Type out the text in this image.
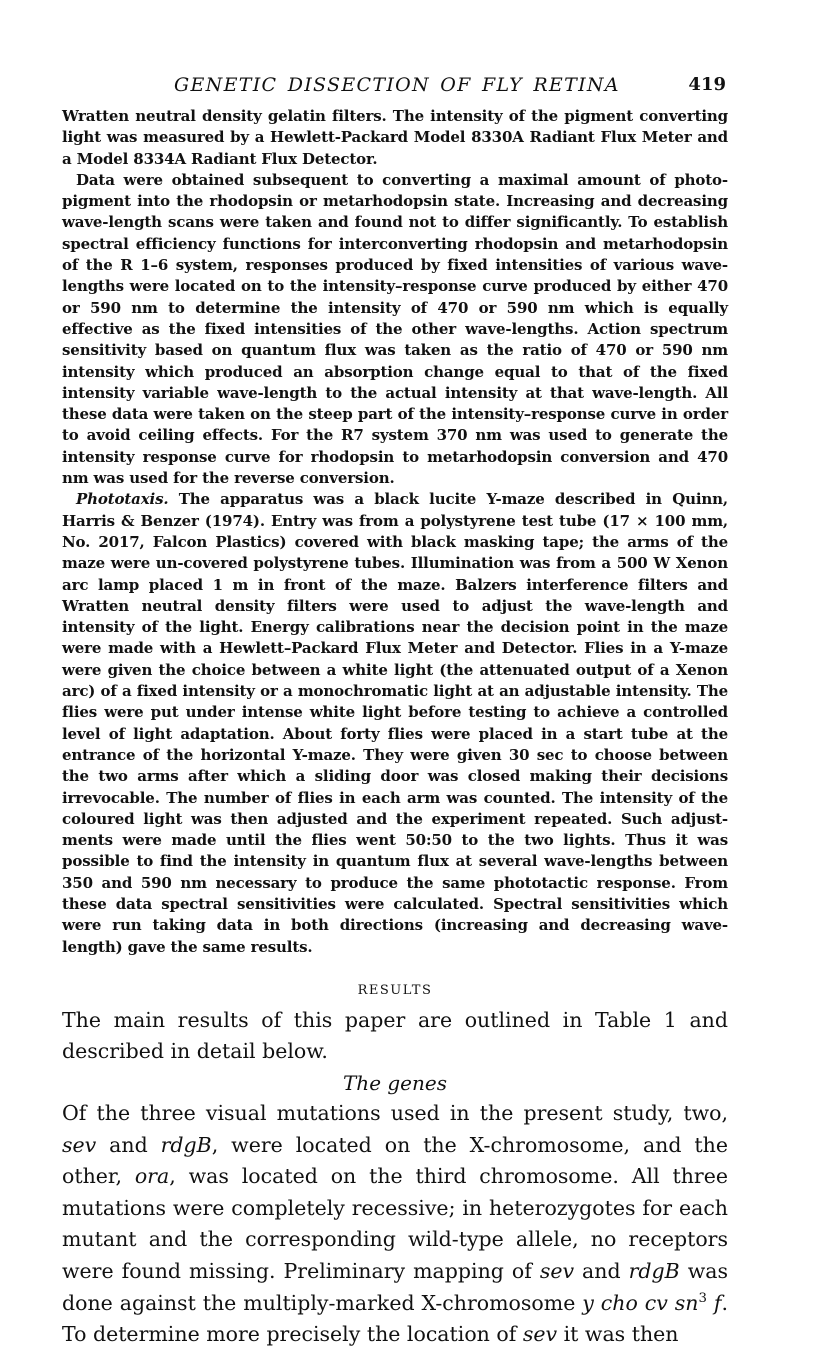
GENETIC DISSECTION OF FLY RETINA	419

Wratten neutral density gelatin filters. The intensity of the pigment converting light was measured by a Hewlett-Packard Model 8330A Radiant Flux Meter and a Model 8334A Radiant Flux Detector.

Data were obtained subsequent to converting a maximal amount of photo-pigment into the rhodopsin or metarhodopsin state. Increasing and decreasing wave-length scans were taken and found not to differ significantly. To establish spectral efficiency functions for interconverting rhodopsin and metarhodopsin of the R 1–6 system, responses produced by fixed intensities of various wave-lengths were located on to the intensity–response curve produced by either 470 or 590 nm to determine the intensity of 470 or 590 nm which is equally effective as the fixed intensities of the other wave-lengths. Action spectrum sensitivity based on quantum flux was taken as the ratio of 470 or 590 nm intensity which produced an absorption change equal to that of the fixed intensity variable wave-length to the actual intensity at that wave-length. All these data were taken on the steep part of the intensity–response curve in order to avoid ceiling effects. For the R7 system 370 nm was used to generate the intensity response curve for rhodopsin to metarhodopsin conversion and 470 nm was used for the reverse conversion.

Phototaxis. The apparatus was a black lucite Y-maze described in Quinn, Harris & Benzer (1974). Entry was from a polystyrene test tube (17 × 100 mm, No. 2017, Falcon Plastics) covered with black masking tape; the arms of the maze were un-covered polystyrene tubes. Illumination was from a 500 W Xenon arc lamp placed 1 m in front of the maze. Balzers interference filters and Wratten neutral density filters were used to adjust the wave-length and intensity of the light. Energy calibrations near the decision point in the maze were made with a Hewlett–Packard Flux Meter and Detector. Flies in a Y-maze were given the choice between a white light (the attenuated output of a Xenon arc) of a fixed intensity or a monochromatic light at an adjustable intensity. The flies were put under intense white light before testing to achieve a controlled level of light adaptation. About forty flies were placed in a start tube at the entrance of the horizontal Y-maze. They were given 30 sec to choose between the two arms after which a sliding door was closed making their decisions irrevocable. The number of flies in each arm was counted. The intensity of the coloured light was then adjusted and the experiment repeated. Such adjust-ments were made until the flies went 50:50 to the two lights. Thus it was possible to find the intensity in quantum flux at several wave-lengths between 350 and 590 nm necessary to produce the same phototactic response. From these data spectral sensitivities were calculated. Spectral sensitivities which were run taking data in both directions (increasing and decreasing wave-length) gave the same results.

RESULTS

The main results of this paper are outlined in Table 1 and described in detail below.

The genes

Of the three visual mutations used in the present study, two, sev and rdgB, were located on the X-chromosome, and the other, ora, was located on the third chromosome. All three mutations were completely recessive; in heterozygotes for each mutant and the corresponding wild-type allele, no receptors were found missing. Preliminary mapping of sev and rdgB was done against the multiply-marked X-chromosome y cho cv $sn^3$ f. To determine more precisely the location of sev it was then
